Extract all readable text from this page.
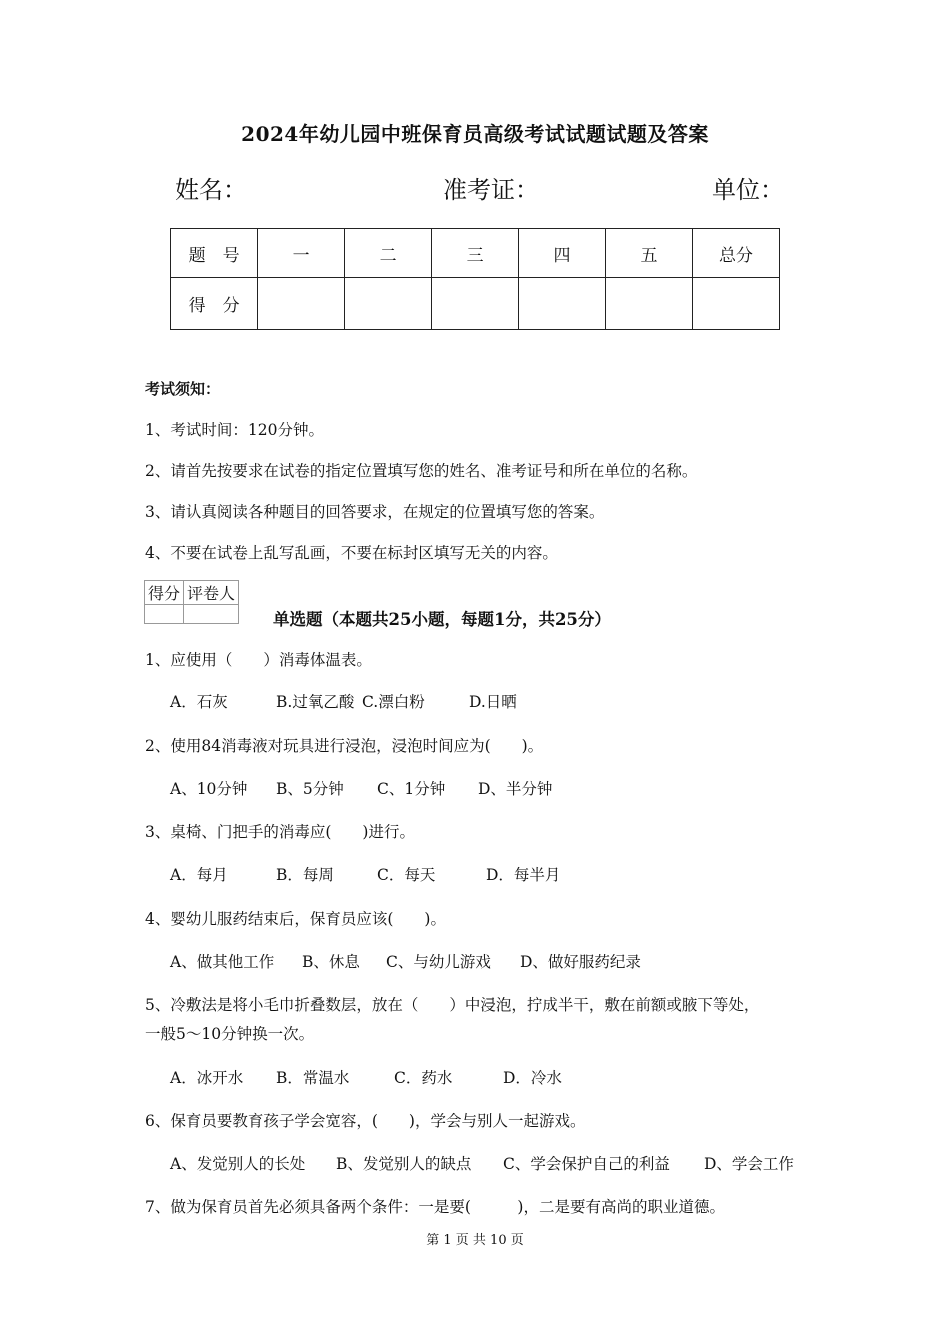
2024年幼儿园中班保育员高级考试试题试题及答案
姓名：	准考证：	单位：
题　号	一	二	三	四	五	总分
得　分						
考试须知：
1、考试时间：120分钟。
2、请首先按要求在试卷的指定位置填写您的姓名、准考证号和所在单位的名称。
3、请认真阅读各种题目的回答要求，在规定的位置填写您的答案。
4、不要在试卷上乱写乱画，不要在标封区填写无关的内容。
得分	评卷人

单选题（本题共25小题，每题1分，共25分）
1、应使用（　　）消毒体温表。
A．石灰	B.过氧乙酸 C.漂白粉	D.日晒
2、使用84消毒液对玩具进行浸泡，浸泡时间应为(　　)。
A、10分钟 B、5分钟 C、1分钟 D、半分钟
3、桌椅、门把手的消毒应(　　)进行。
A．每月	B．每周	C．每天	D．每半月
4、婴幼儿服药结束后，保育员应该(　　)。
A、做其他工作 B、休息 C、与幼儿游戏 D、做好服药纪录
5、冷敷法是将小毛巾折叠数层，放在（　　）中浸泡，拧成半干，敷在前额或腋下等处，
一般5～10分钟换一次。
A．冰开水 B．常温水	C．药水	D．冷水
6、保育员要教育孩子学会宽容，(　　)，学会与别人一起游戏。
A、发觉别人的长处 B、发觉别人的缺点 C、学会保护自己的利益 D、学会工作
7、做为保育员首先必须具备两个条件：一是要(　　　)，二是要有高尚的职业道德。
第 1 页 共 10 页
